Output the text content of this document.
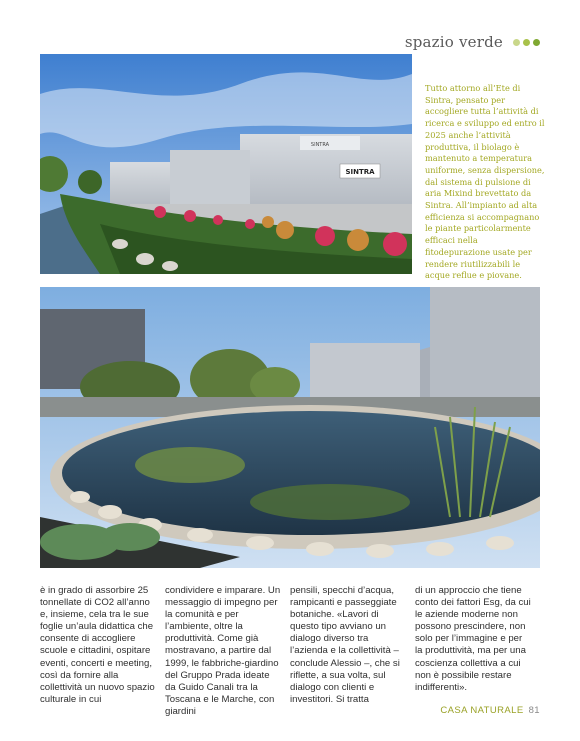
spazio verde
SINTRA
SINTRA

Tutto attorno all’Ete di Sintra, pensato per accogliere tutta l’attività di ricerca e sviluppo ed entro il 2025 anche l’attività produttiva, il biolago è mantenuto a temperatura uniforme, senza dispersione, dal sistema di pulsione di aria Mixind brevettato da Sintra. All’impianto ad alta efficienza si accompagnano le piante particolarmente efficaci nella fitodepurazione usate per rendere riutilizzabili le acque reflue e piovane.

è in grado di assorbire 25 tonnellate di CO2 all’anno e, insieme, cela tra le sue foglie un’aula didattica che consente di accogliere scuole e cittadini, ospitare eventi, concerti e meeting, così da fornire alla collettività un nuovo spazio culturale in cui

condividere e imparare. Un messaggio di impegno per la comunità e per l’ambiente, oltre la produttività. Come già mostravano, a partire dal 1999, le fabbriche-giardino del Gruppo Prada ideate da Guido Canali tra la Toscana e le Marche, con giardini

pensili, specchi d’acqua, rampicanti e passeggiate botaniche. «Lavori di questo tipo avviano un dialogo diverso tra l’azienda e la collettività – conclude Alessio –, che si riflette, a sua volta, sul dialogo con clienti e investitori. Si tratta

di un approccio che tiene conto dei fattori Esg, da cui le aziende moderne non possono prescindere, non solo per l’immagine e per la produttività, ma per una coscienza collettiva a cui non è possibile restare indifferenti».

CASA NATURALE 81
